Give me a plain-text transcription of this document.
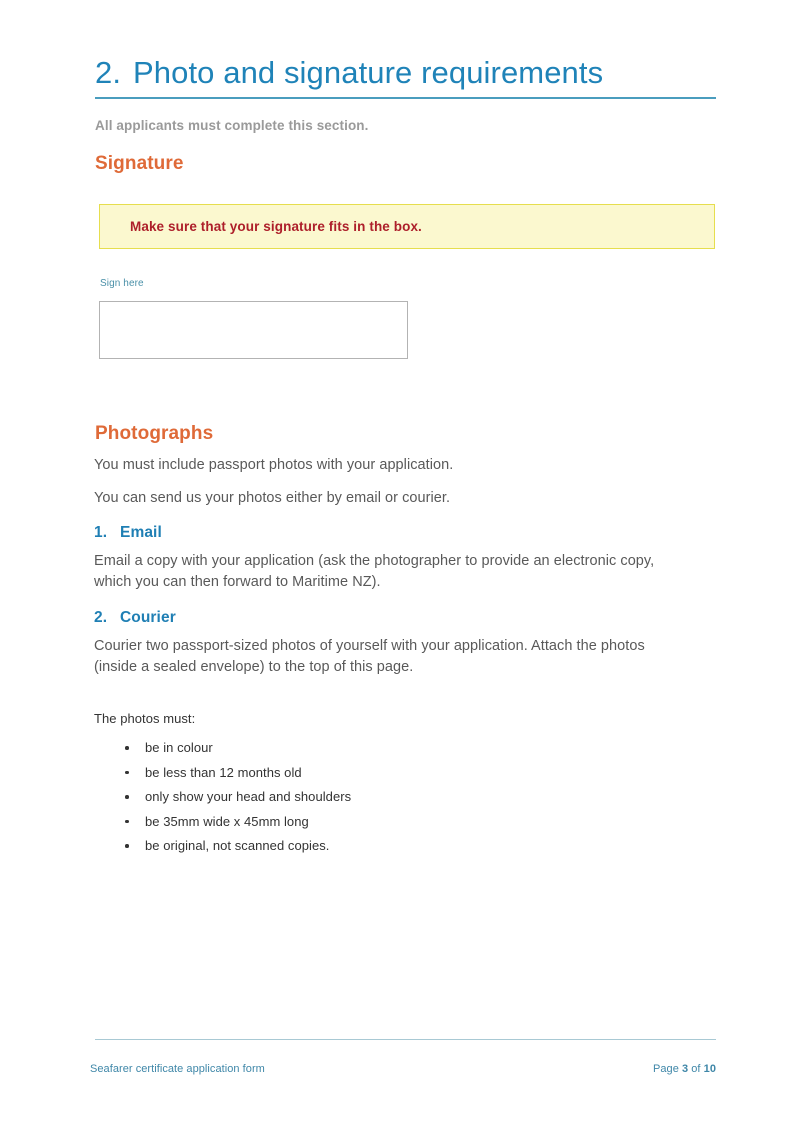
2. Photo and signature requirements
All applicants must complete this section.
Signature
Make sure that your signature fits in the box.
Sign here
Photographs
You must include passport photos with your application.
You can send us your photos either by email or courier.
1. Email
Email a copy with your application (ask the photographer to provide an electronic copy, which you can then forward to Maritime NZ).
2. Courier
Courier two passport-sized photos of yourself with your application. Attach the photos (inside a sealed envelope) to the top of this page.
The photos must:
be in colour
be less than 12 months old
only show your head and shoulders
be 35mm wide x 45mm long
be original, not scanned copies.
Seafarer certificate application form	Page 3 of 10
